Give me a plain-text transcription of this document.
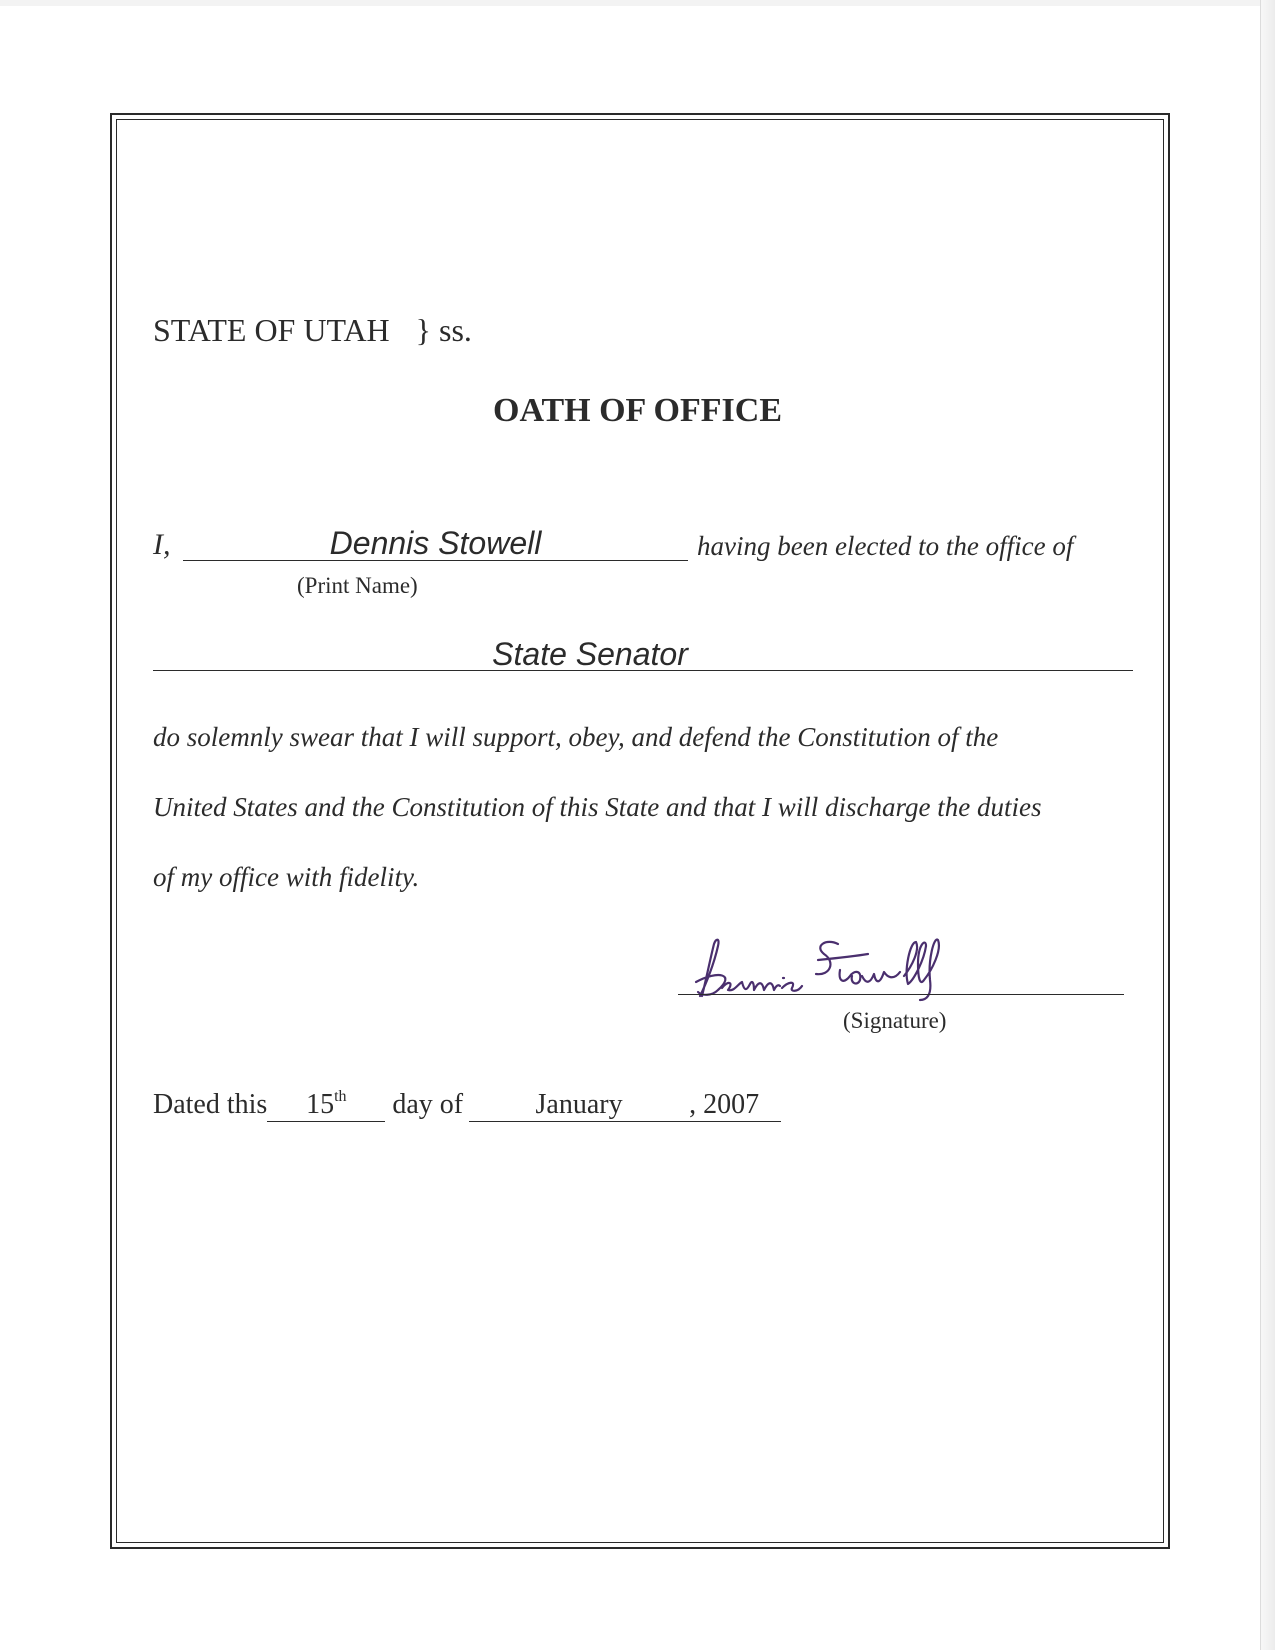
STATE OF UTAH } ss.
OATH OF OFFICE
I,	Dennis Stowell	having been elected to the office of
(Print Name)
State Senator
do solemnly swear that I will support, obey, and defend the Constitution of the
United States and the Constitution of this State and that I will discharge the duties
of my office with fidelity.
Dennis Stowell
(Signature)
Dated this 15th day of	January , 2007
